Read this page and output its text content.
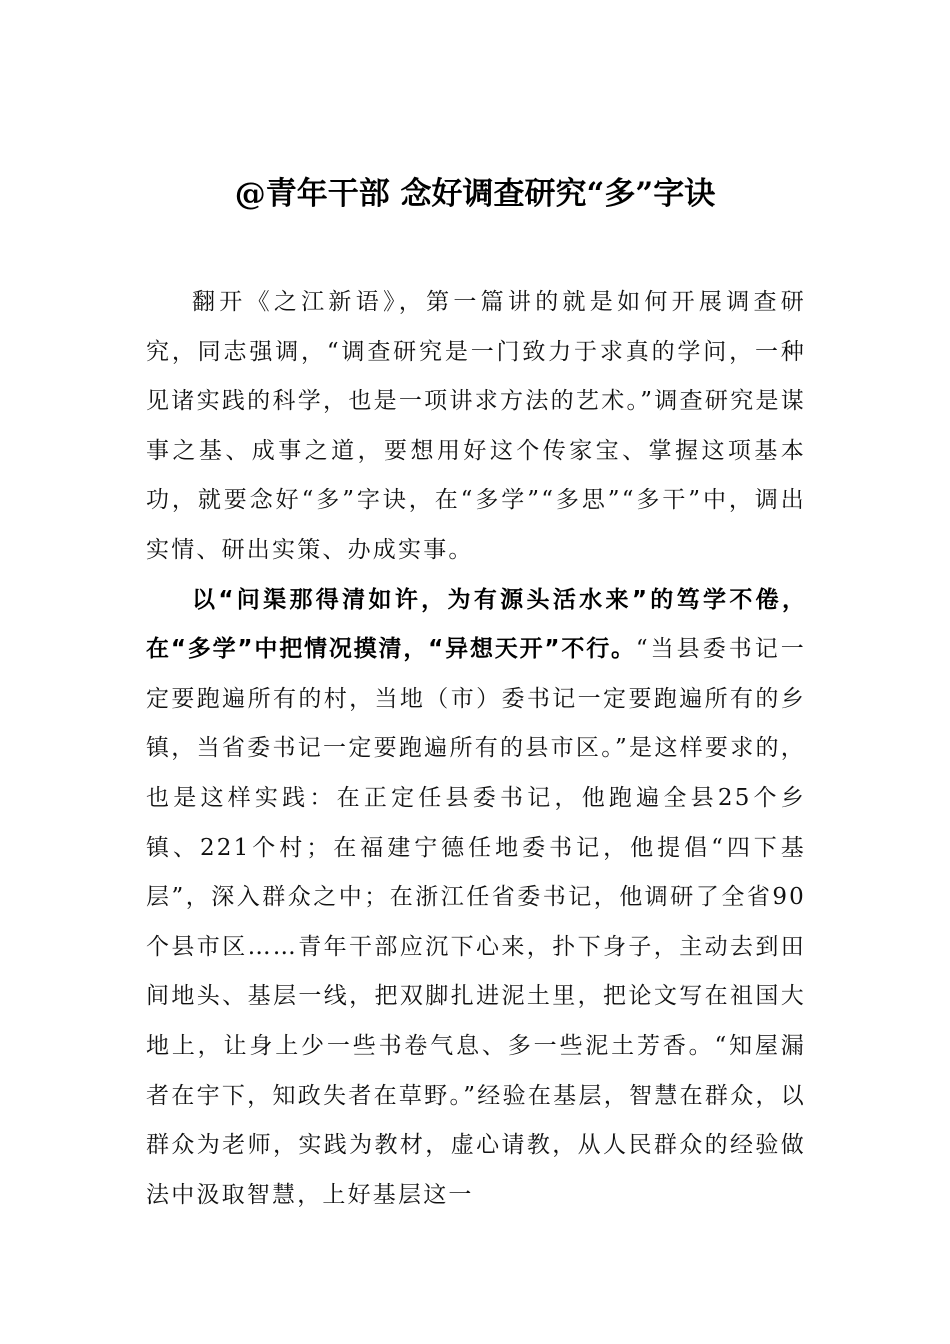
@青年干部 念好调查研究“多”字诀

翻开《之江新语》，第一篇讲的就是如何开展调查研究，同志强调，“调查研究是一门致力于求真的学问，一种见诸实践的科学，也是一项讲求方法的艺术。”调查研究是谋事之基、成事之道，要想用好这个传家宝、掌握这项基本功，就要念好“多”字诀，在“多学”“多思”“多干”中，调出实情、研出实策、办成实事。

以“问渠那得清如许，为有源头活水来”的笃学不倦，在“多学”中把情况摸清，“异想天开”不行。“当县委书记一定要跑遍所有的村，当地（市）委书记一定要跑遍所有的乡镇，当省委书记一定要跑遍所有的县市区。”是这样要求的，也是这样实践：在正定任县委书记，他跑遍全县25个乡镇、221个村；在福建宁德任地委书记，他提倡“四下基层”，深入群众之中；在浙江任省委书记，他调研了全省90个县市区……青年干部应沉下心来，扑下身子，主动去到田间地头、基层一线，把双脚扎进泥土里，把论文写在祖国大地上，让身上少一些书卷气息、多一些泥土芳香。“知屋漏者在宇下，知政失者在草野。”经验在基层，智慧在群众，以群众为老师，实践为教材，虚心请教，从人民群众的经验做法中汲取智慧，上好基层这一
